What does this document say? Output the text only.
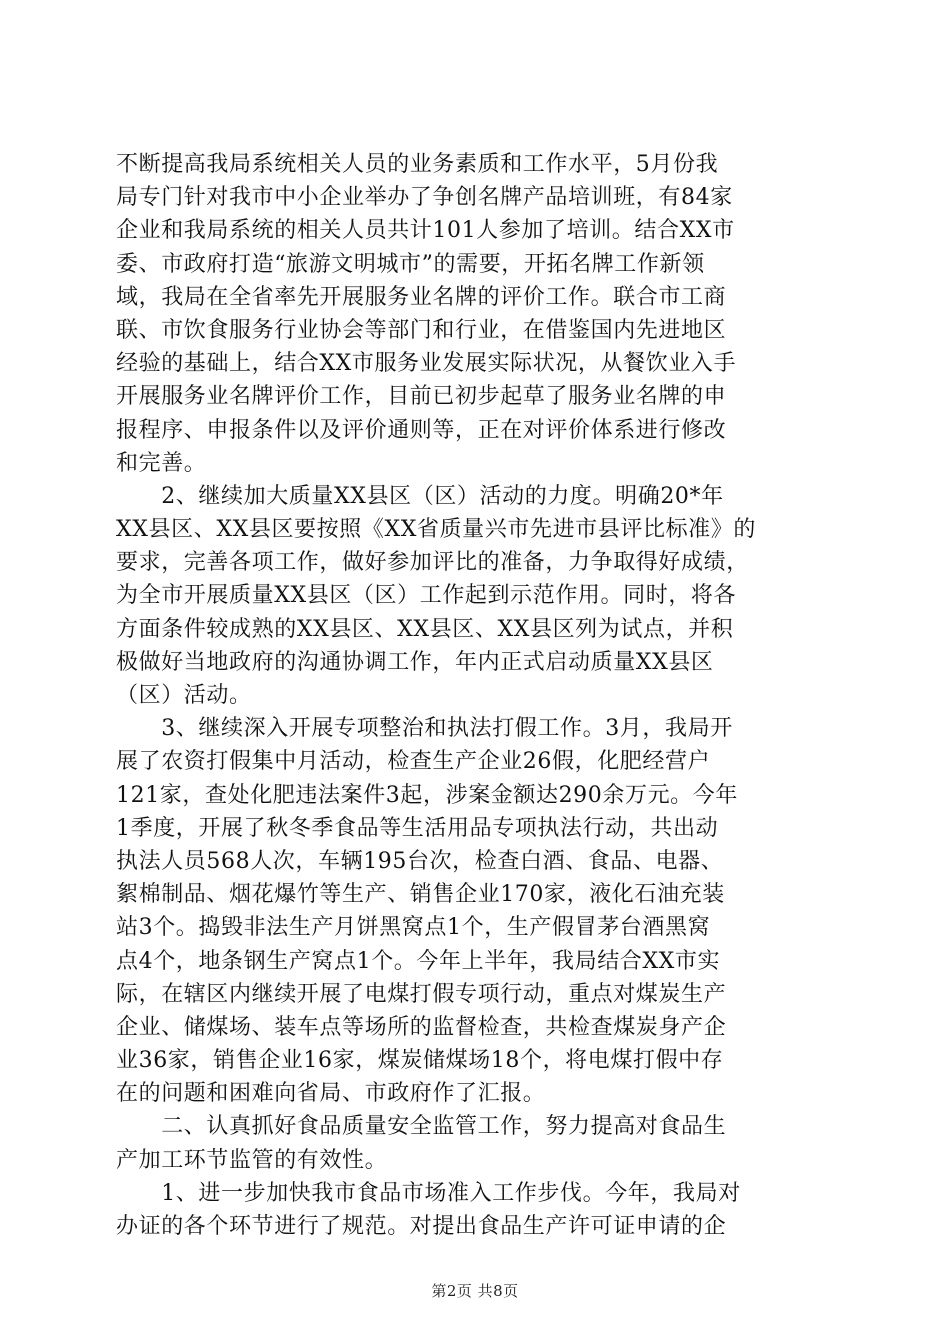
不断提高我局系统相关人员的业务素质和工作水平，5月份我
局专门针对我市中小企业举办了争创名牌产品培训班，有84家
企业和我局系统的相关人员共计101人参加了培训。结合XX市
委、市政府打造“旅游文明城市”的需要，开拓名牌工作新领
域，我局在全省率先开展服务业名牌的评价工作。联合市工商
联、市饮食服务行业协会等部门和行业，在借鉴国内先进地区
经验的基础上，结合XX市服务业发展实际状况，从餐饮业入手
开展服务业名牌评价工作，目前已初步起草了服务业名牌的申
报程序、申报条件以及评价通则等，正在对评价体系进行修改
和完善。
　　2、继续加大质量XX县区（区）活动的力度。明确20*年
XX县区、XX县区要按照《XX省质量兴市先进市县评比标准》的
要求，完善各项工作，做好参加评比的准备，力争取得好成绩，
为全市开展质量XX县区（区）工作起到示范作用。同时，将各
方面条件较成熟的XX县区、XX县区、XX县区列为试点，并积
极做好当地政府的沟通协调工作，年内正式启动质量XX县区
（区）活动。
　　3、继续深入开展专项整治和执法打假工作。3月，我局开
展了农资打假集中月活动，检查生产企业26假，化肥经营户
121家，查处化肥违法案件3起，涉案金额达290余万元。今年
1季度，开展了秋冬季食品等生活用品专项执法行动，共出动
执法人员568人次，车辆195台次，检查白酒、食品、电器、
絮棉制品、烟花爆竹等生产、销售企业170家，液化石油充装
站3个。捣毁非法生产月饼黑窝点1个，生产假冒茅台酒黑窝
点4个，地条钢生产窝点1个。今年上半年，我局结合XX市实
际，在辖区内继续开展了电煤打假专项行动，重点对煤炭生产
企业、储煤场、装车点等场所的监督检查，共检查煤炭身产企
业36家，销售企业16家，煤炭储煤场18个，将电煤打假中存
在的问题和困难向省局、市政府作了汇报。
　　二、认真抓好食品质量安全监管工作，努力提高对食品生
产加工环节监管的有效性。
　　1、进一步加快我市食品市场准入工作步伐。今年，我局对
办证的各个环节进行了规范。对提出食品生产许可证申请的企
第2页 共8页
